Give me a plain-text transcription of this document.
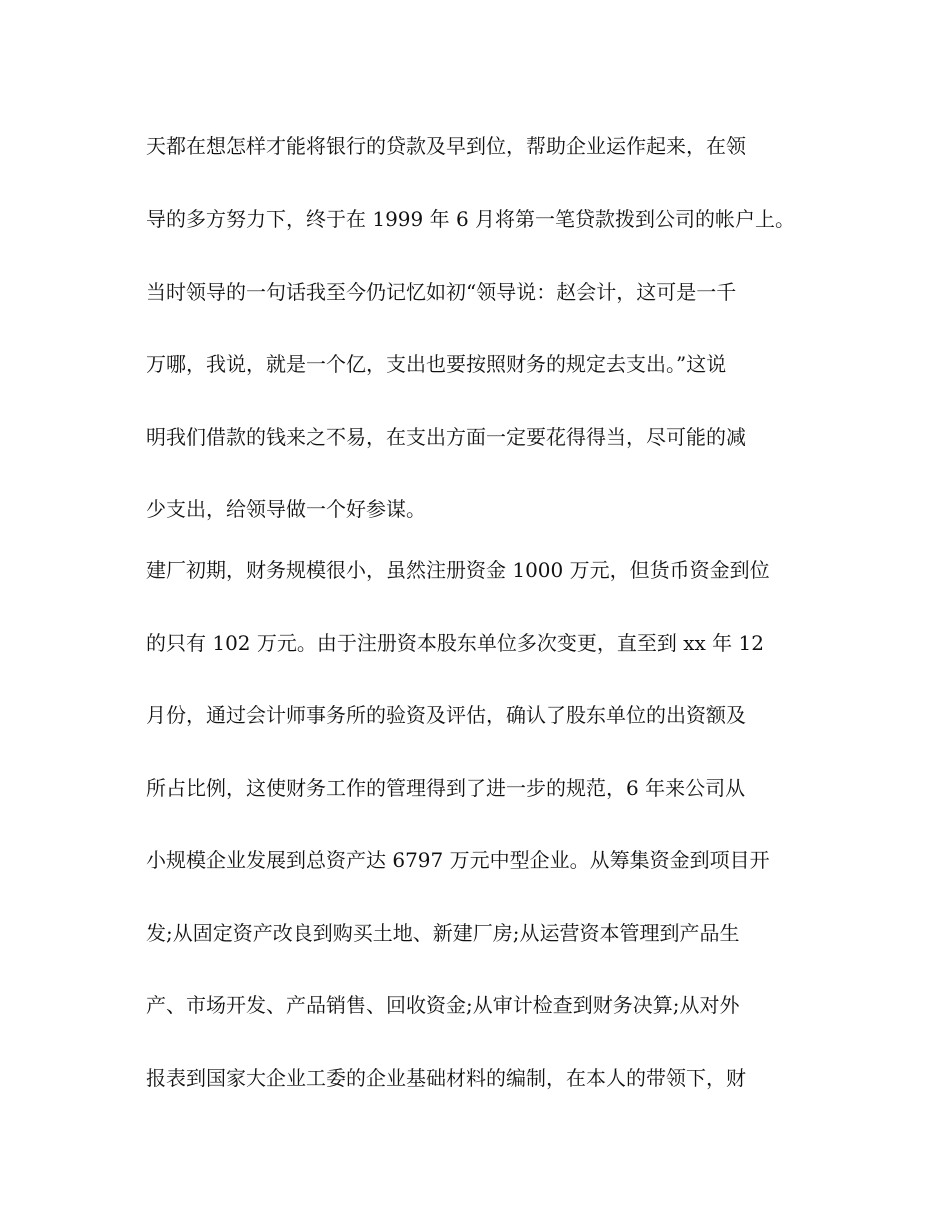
天都在想怎样才能将银行的贷款及早到位，帮助企业运作起来，在领
导的多方努力下，终于在 1999 年 6 月将第一笔贷款拨到公司的帐户上。
当时领导的一句话我至今仍记忆如初“领导说：赵会计，这可是一千
万哪，我说，就是一个亿，支出也要按照财务的规定去支出。”这说
明我们借款的钱来之不易，在支出方面一定要花得得当，尽可能的减
少支出，给领导做一个好参谋。
建厂初期，财务规模很小，虽然注册资金 1000 万元，但货币资金到位
的只有 102 万元。由于注册资本股东单位多次变更，直至到 xx 年 12
月份，通过会计师事务所的验资及评估，确认了股东单位的出资额及
所占比例，这使财务工作的管理得到了进一步的规范，6 年来公司从
小规模企业发展到总资产达 6797 万元中型企业。从筹集资金到项目开
发;从固定资产改良到购买土地、新建厂房;从运营资本管理到产品生
产、市场开发、产品销售、回收资金;从审计检查到财务决算;从对外
报表到国家大企业工委的企业基础材料的编制，在本人的带领下，财
